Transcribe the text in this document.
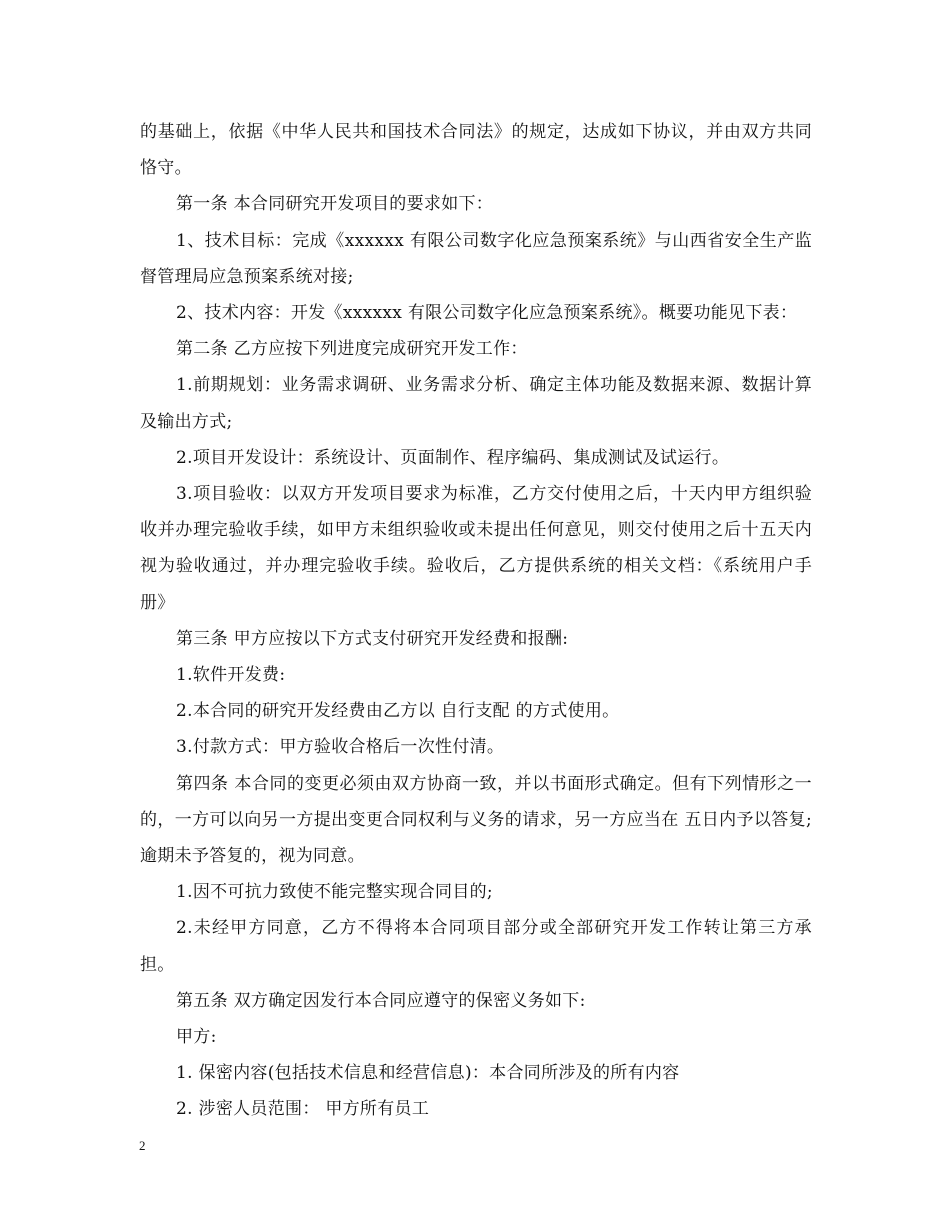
的基础上，依据《中华人民共和国技术合同法》的规定，达成如下协议，并由双方共同恪守。

第一条 本合同研究开发项目的要求如下：

1、技术目标：完成《xxxxxx 有限公司数字化应急预案系统》与山西省安全生产监督管理局应急预案系统对接;

2、技术内容：开发《xxxxxx 有限公司数字化应急预案系统》。概要功能见下表：

第二条 乙方应按下列进度完成研究开发工作：

1.前期规划：业务需求调研、业务需求分析、确定主体功能及数据来源、数据计算及输出方式;

2.项目开发设计：系统设计、页面制作、程序编码、集成测试及试运行。

3.项目验收：以双方开发项目要求为标准，乙方交付使用之后，十天内甲方组织验收并办理完验收手续，如甲方未组织验收或未提出任何意见，则交付使用之后十五天内视为验收通过，并办理完验收手续。验收后，乙方提供系统的相关文档：《系统用户手册》

第三条 甲方应按以下方式支付研究开发经费和报酬:

1.软件开发费:

2.本合同的研究开发经费由乙方以 自行支配 的方式使用。

3.付款方式：甲方验收合格后一次性付清。

第四条 本合同的变更必须由双方协商一致，并以书面形式确定。但有下列情形之一的，一方可以向另一方提出变更合同权利与义务的请求，另一方应当在 五日内予以答复;逾期未予答复的，视为同意。

1.因不可抗力致使不能完整实现合同目的;

2.未经甲方同意，乙方不得将本合同项目部分或全部研究开发工作转让第三方承担。

第五条 双方确定因发行本合同应遵守的保密义务如下:

甲方:

1. 保密内容(包括技术信息和经营信息)：本合同所涉及的所有内容

2. 涉密人员范围： 甲方所有员工

2
